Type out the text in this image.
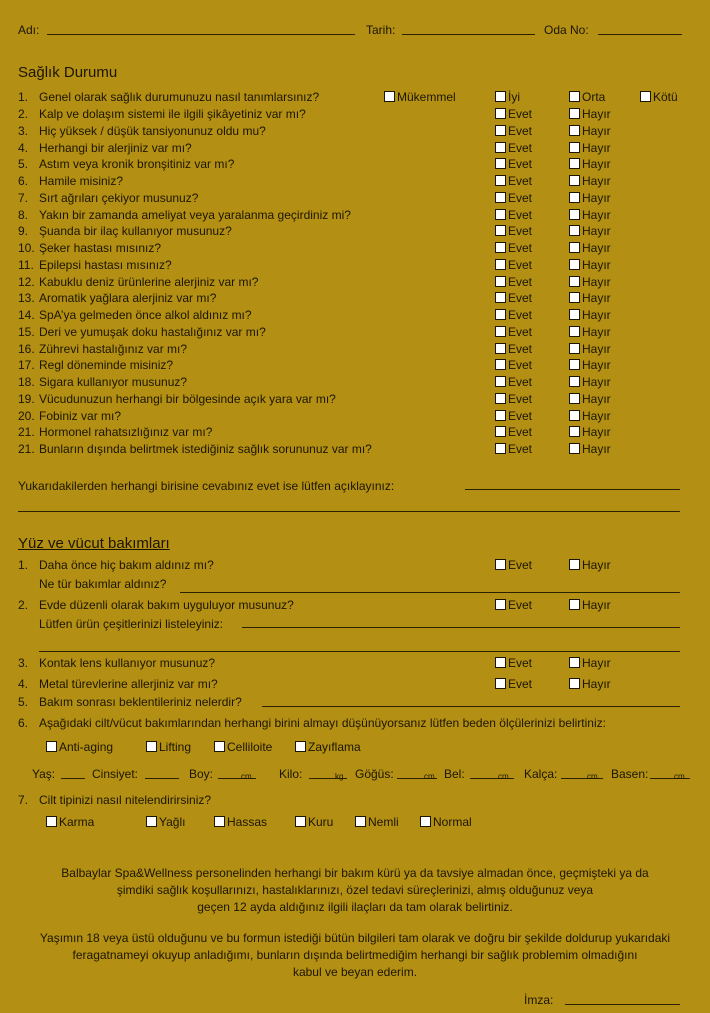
Adı:	Tarih:	Oda No:
Sağlık Durumu
1. Genel olarak sağlık durumunuzu nasıl tanımlarsınız?	Mükemmel	İyi	Orta	Kötü
2. Kalp ve dolaşım sistemi ile ilgili şikâyetiniz var mı?	Evet	Hayır
3. Hiç yüksek / düşük tansiyonunuz oldu mu?	Evet	Hayır
4. Herhangi bir alerjiniz var mı?	Evet	Hayır
5. Astım veya kronik bronşitiniz var mı?	Evet	Hayır
6. Hamile misiniz?	Evet	Hayır
7. Sırt ağrıları çekiyor musunuz?	Evet	Hayır
8. Yakın bir zamanda ameliyat veya yaralanma geçirdiniz mi?	Evet	Hayır
9. Şuanda bir ilaç kullanıyor musunuz?	Evet	Hayır
10. Şeker hastası mısınız?	Evet	Hayır
11. Epilepsi hastası mısınız?	Evet	Hayır
12. Kabuklu deniz ürünlerine alerjiniz var mı?	Evet	Hayır
13. Aromatik yağlara alerjiniz var mı?	Evet	Hayır
14. SpA’ya gelmeden önce alkol aldınız mı?	Evet	Hayır
15. Deri ve yumuşak doku hastalığınız var mı?	Evet	Hayır
16. Zührevi hastalığınız var mı?	Evet	Hayır
17. Regl döneminde misiniz?	Evet	Hayır
18. Sigara kullanıyor musunuz?	Evet	Hayır
19. Vücudunuzun herhangi bir bölgesinde açık yara var mı?	Evet	Hayır
20. Fobiniz var mı?	Evet	Hayır
21. Hormonel rahatsızlığınız var mı?	Evet	Hayır
21. Bunların dışında belirtmek istediğiniz sağlık sorununuz var mı?	Evet	Hayır
Yukarıdakilerden herhangi birisine cevabınız evet ise lütfen açıklayınız:
Yüz ve vücut bakımları
1. Daha önce hiç bakım aldınız mı?	Evet	Hayır
Ne tür bakımlar aldınız?
2. Evde düzenli olarak bakım uyguluyor musunuz?	Evet	Hayır
Lütfen ürün çeşitlerinizi listeleyiniz:
3. Kontak lens kullanıyor musunuz?	Evet	Hayır
4. Metal türevlerine allerjiniz var mı?	Evet	Hayır
5. Bakım sonrası beklentileriniz nelerdir?
6. Aşağıdaki cilt/vücut bakımlarından herhangi birini almayı düşünüyorsanız lütfen beden ölçülerinizi belirtiniz:
Anti-aging	Lifting	Celliloite	Zayıflama
Yaş:	Cinsiyet:	Boy:	cm. Kilo:	kg. Göğüs:	cm. Bel:	cm. Kalça:	cm. Basen:	cm.
7. Cilt tipinizi nasıl nitelendirirsiniz?
Karma	Yağlı	Hassas	Kuru	Nemli	Normal
Balbaylar Spa&Wellness personelinden herhangi bir bakım kürü ya da tavsiye almadan önce, geçmişteki ya da
şimdiki sağlık koşullarınızı, hastalıklarınızı, özel tedavi süreçlerinizi, almış olduğunuz veya
geçen 12 ayda aldığınız ilgili ilaçları da tam olarak belirtiniz.
Yaşımın 18 veya üstü olduğunu ve bu formun istediği bütün bilgileri tam olarak ve doğru bir şekilde doldurup yukarıdaki
feragatnameyi okuyup anladığımı, bunların dışında belirtmediğim herhangi bir sağlık problemim olmadığını
kabul ve beyan ederim.
İmza:
